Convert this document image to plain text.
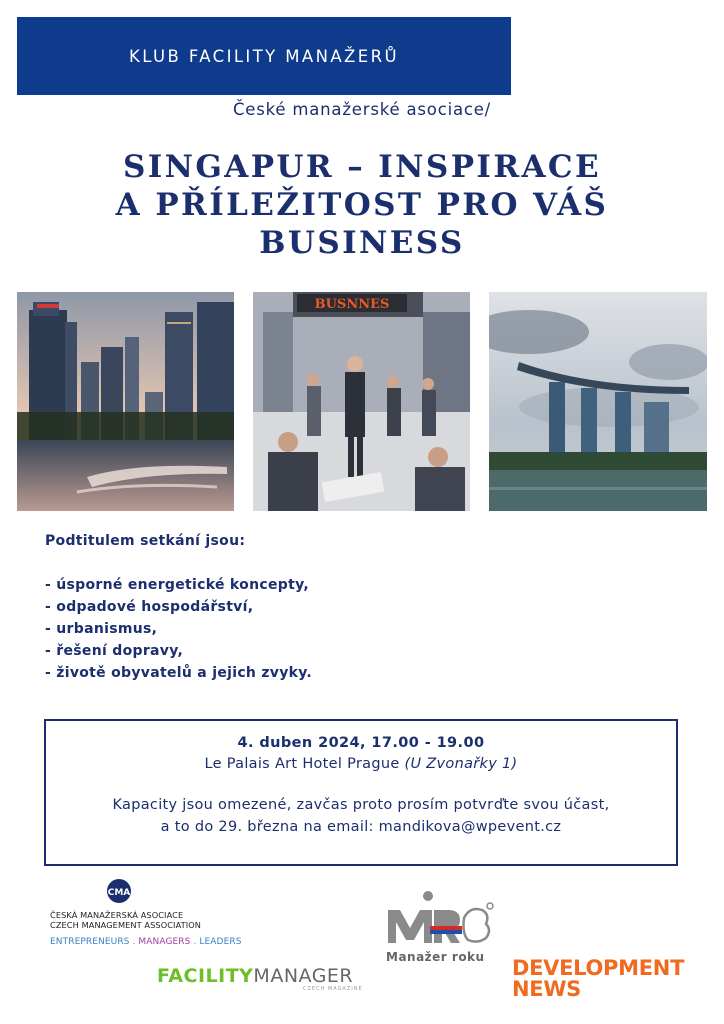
KLUB FACILITY MANAŽERŮ
České manažerské asociace/
SINGAPUR – INSPIRACE
A PŘÍLEŽITOST PRO VÁŠ
BUSINESS
BUSNNES
Podtitulem setkání jsou:
- úsporné energetické koncepty,
- odpadové hospodářství,
- urbanismus,
- řešení dopravy,
- životě obyvatelů a jejich zvyky.
4. duben 2024, 17.00 - 19.00
Le Palais Art Hotel Prague (U Zvonařky 1)
Kapacity jsou omezené, zavčas proto prosím potvrďte svou účast,
a to do 29. března na email: mandikova@wpevent.cz
CMA
ČESKÁ MANAŽERSKÁ ASOCIACE
CZECH MANAGEMENT ASSOCIATION
ENTREPRENEURS . MANAGERS . LEADERS
FACILITYMANAGER
CZECH MAGAZINE
Manažer roku DEVELOPMENT
NEWS
